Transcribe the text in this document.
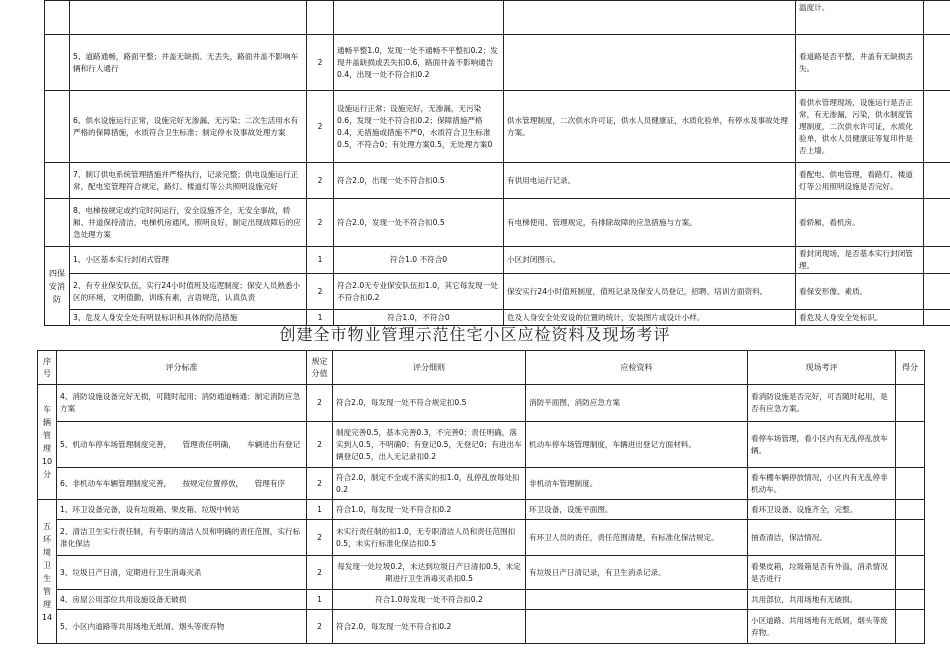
					温度计。	
	5、道路通畅，路面平整；井盖无缺损、无丢失，路面井盖不影响车辆和行人通行	2	通畅平整1.0，发现一处不通畅不平整扣0.2；发现井盖缺损或丢失扣0.6，路面井盖不影响通告0.4，出现一处不符合扣0.2		看道路是否平整，井盖有无缺损丢失。	
	6、供水设施运行正常，设施完好无渗漏、无污染；二次生活用水有严格的保障措施，水质符合卫生标准；制定停水及事故处理方案	2	设施运行正常；设施完好，无渗漏，无污染0.6，发现一处不符合扣0.2；保障措施严格0.4，无措施或措施不严0，水质符合卫生标准0.5，不符合0；有处理方案0.5，无处理方案0	供水管理制度，二次供水许可证，供水人员健康证，水质化验单，有停水及事故处理方案。	看供水管理现场，设施运行是否正常，有无渗漏，污染，供水制度管理制度，二次供水许可证，水质化验单，供水人员健康证等复印件是否上墙。	
	7、制订供电系统管理措施并严格执行，记录完整；供电设施运行正常，配电室管理符合规定，路灯、楼道灯等公共照明设施完好	2	符合2.0，出现一处不符合扣0.5	有供用电运行记录。	看配电、供电管理，看路灯、楼道灯等公用照明设施是否完好。	
	8、电梯按规定或约定时间运行，安全设施齐全，无安全事故，轿厢、井道保持清洁，电梯机房通风、照明良好，制定出现故障后的应急处理方案	2	符合2.0，发现一处不符合扣0.5	有电梯使用、管理规定，有排除故障的应急措施与方案。	看轿厢，看机房。	
四保安消防	1、小区基本实行封闭式管理	1	符合1.0 不符合0	小区封闭图示。	看封闭现场，是否基本实行封闭管理。	
	2、有专业保安队伍，实行24小时值班及巡逻制度；保安人员熟悉小区的环境，文明值勤，训练有素，言语规范，认真负责	2	符合2.0无专业保安队伍扣1.0，其它每发现一处不符合扣0.2	保安实行24小时值班制度，值班记录及保安人员登记，招聘、培训方面资料。	看保安形像、素质。	
	3、危及人身安全处有明显标识和具体的防范措施	1	符合1.0，不符合0	危及人身安全处安设的位置的统计，安装图片或设计小样。	看危及人身安全处标识。	
创建全市物业管理示范住宅小区应检资料及现场考评
序号	评分标准	规定分值	评分细则	应检资料	现场考评	得分
车辆管理10分	4、消防设施设备完好无损，可随时起用；消防通道畅通；制定消防应急方案	2	符合2.0，每发现一处不符合规定扣0.5	消防平面图，消防应急方案	看消防设施是否完好，可否随时起用，是否有应急方案。	
	5、机动车停车场管理制度完善，　　管理责任明确，　　车辆进出有登记	2	制度完善0.5，基本完善0.3，不完善0；责任明确，落实到人0.5，不明确0；有登记0.5，无登记0；有进出车辆登记0.5，出入无记录扣0.2	机动车停车场管理制度，车辆进出登记方面材料。	看停车场管理，看小区内有无乱停乱放车辆。	
	6、非机动车车辆管理制度完善，　　按规定位置停放，　　管理有序	2	符合2.0，制定不全或不落实的扣1.0，乱停乱放每处扣0.2	非机动车管理制度。	看车棚车辆停放情况，小区内有无乱停非机动车。	
五环境卫生管理14	1、环卫设备完备，设有垃圾箱、果皮箱、垃圾中转站	1	符合1.0，每发现一处不符合扣0.2	环卫设备，设施平面图。	看环卫设备、设施齐全，完整。	
	2、清洁卫生实行责任制，有专职的清洁人员和明确的责任范围，实行标准化保洁	2	未实行责任制的扣1.0，无专职清洁人员和责任范围扣0.5，未实行标准化保洁扣0.5	有环卫人员的责任，责任范围清楚，有标准化保洁规定。	抽查清洁，保洁情况。	
	3、垃圾日产日清，定期进行卫生消毒灭杀	2	每发现一处垃圾0.2，未达到垃圾日产日清扣0.5，未定期进行卫生消毒灭杀扣0.5	有垃圾日产日清记录，有卫生消杀记录。	看果皮箱，垃圾箱是否有外溢，消杀情况是否进行	
	4、房屋公用部位共用设施设备无破损	1	符合1.0每发现一处不符合扣0.2		共用部位，共用场地有无破损。	
	5、小区内道路等共用场地无纸屑、烟头等废弃物	2	符合2.0，每发现一处不符合扣0.2		小区道路、共用场地有无纸屑，烟头等废弃物。	
